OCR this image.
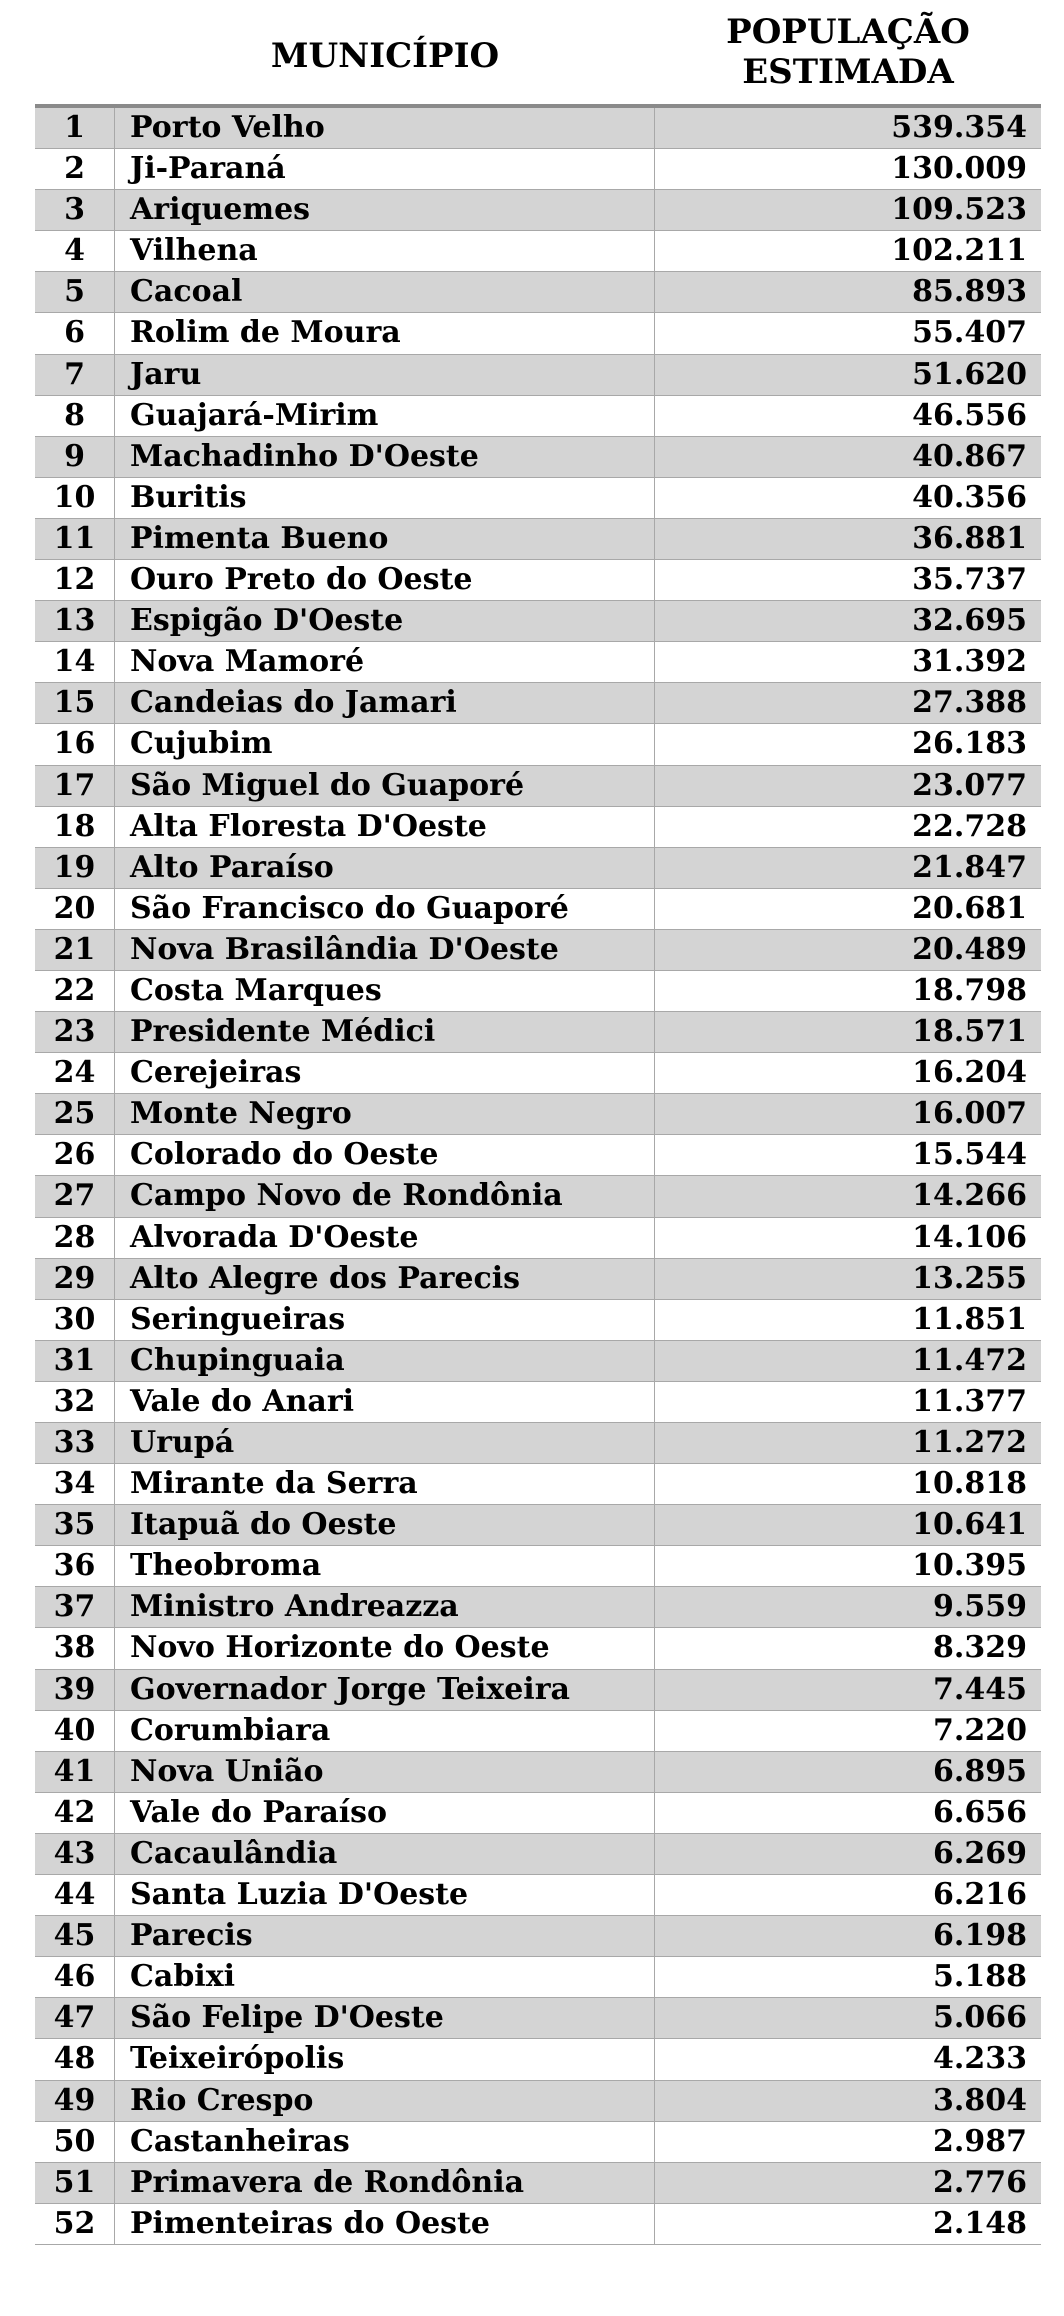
MUNICÍPIO
POPULAÇÃO
ESTIMADA
1	Porto Velho	539.354
2	Ji-Paraná	130.009
3	Ariquemes	109.523
4	Vilhena	102.211
5	Cacoal	85.893
6	Rolim de Moura	55.407
7	Jaru	51.620
8	Guajará-Mirim	46.556
9	Machadinho D'Oeste	40.867
10	Buritis	40.356
11	Pimenta Bueno	36.881
12	Ouro Preto do Oeste	35.737
13	Espigão D'Oeste	32.695
14	Nova Mamoré	31.392
15	Candeias do Jamari	27.388
16	Cujubim	26.183
17	São Miguel do Guaporé	23.077
18	Alta Floresta D'Oeste	22.728
19	Alto Paraíso	21.847
20	São Francisco do Guaporé	20.681
21	Nova Brasilândia D'Oeste	20.489
22	Costa Marques	18.798
23	Presidente Médici	18.571
24	Cerejeiras	16.204
25	Monte Negro	16.007
26	Colorado do Oeste	15.544
27	Campo Novo de Rondônia	14.266
28	Alvorada D'Oeste	14.106
29	Alto Alegre dos Parecis	13.255
30	Seringueiras	11.851
31	Chupinguaia	11.472
32	Vale do Anari	11.377
33	Urupá	11.272
34	Mirante da Serra	10.818
35	Itapuã do Oeste	10.641
36	Theobroma	10.395
37	Ministro Andreazza	9.559
38	Novo Horizonte do Oeste	8.329
39	Governador Jorge Teixeira	7.445
40	Corumbiara	7.220
41	Nova União	6.895
42	Vale do Paraíso	6.656
43	Cacaulândia	6.269
44	Santa Luzia D'Oeste	6.216
45	Parecis	6.198
46	Cabixi	5.188
47	São Felipe D'Oeste	5.066
48	Teixeirópolis	4.233
49	Rio Crespo	3.804
50	Castanheiras	2.987
51	Primavera de Rondônia	2.776
52	Pimenteiras do Oeste	2.148
